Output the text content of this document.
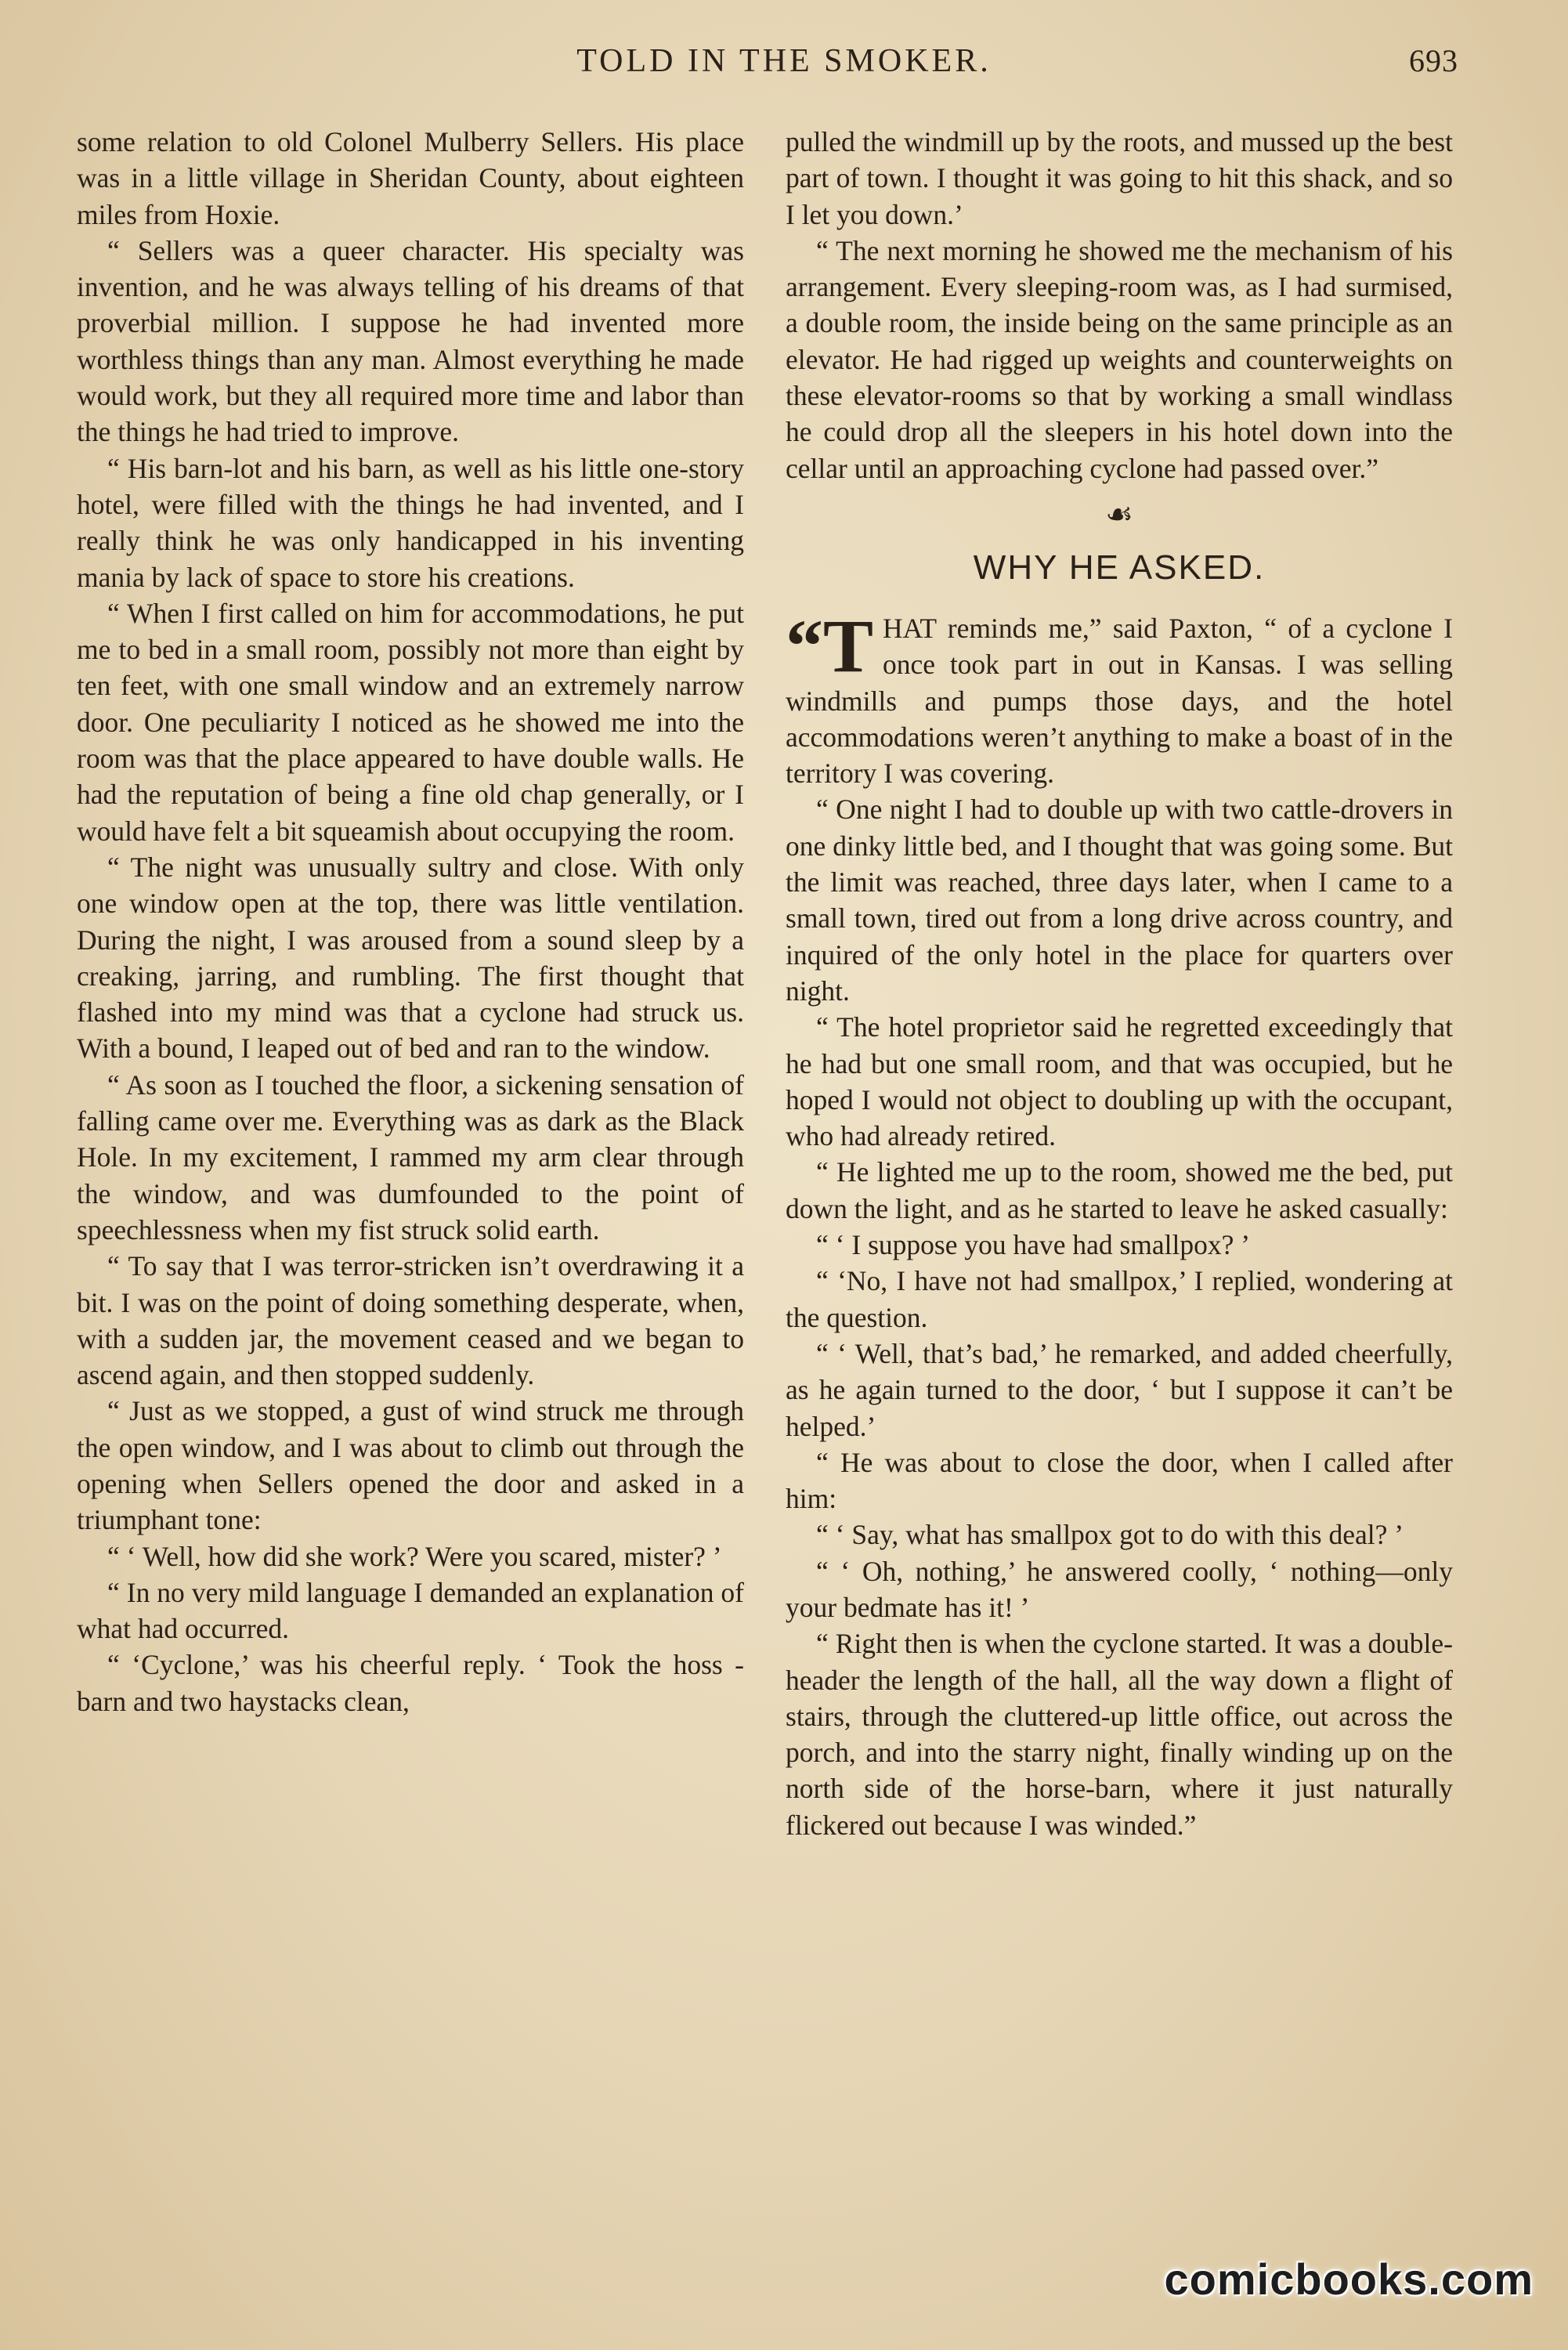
TOLD IN THE SMOKER.	693

some relation to old Colonel Mulberry Sellers. His place was in a little village in Sheridan County, about eighteen miles from Hoxie.

“ Sellers was a queer character. His specialty was invention, and he was always telling of his dreams of that proverbial million. I suppose he had invented more worthless things than any man. Almost everything he made would work, but they all required more time and labor than the things he had tried to improve.

“ His barn-lot and his barn, as well as his little one-story hotel, were filled with the things he had invented, and I really think he was only handicapped in his inventing mania by lack of space to store his creations.

“ When I first called on him for accommodations, he put me to bed in a small room, possibly not more than eight by ten feet, with one small window and an extremely narrow door. One peculiarity I noticed as he showed me into the room was that the place appeared to have double walls. He had the reputation of being a fine old chap generally, or I would have felt a bit squeamish about occupying the room.

“ The night was unusually sultry and close. With only one window open at the top, there was little ventilation. During the night, I was aroused from a sound sleep by a creaking, jarring, and rumbling. The first thought that flashed into my mind was that a cyclone had struck us. With a bound, I leaped out of bed and ran to the window.

“ As soon as I touched the floor, a sickening sensation of falling came over me. Everything was as dark as the Black Hole. In my excitement, I rammed my arm clear through the window, and was dumfounded to the point of speechlessness when my fist struck solid earth.

“ To say that I was terror-stricken isn’t overdrawing it a bit. I was on the point of doing something desperate, when, with a sudden jar, the movement ceased and we began to ascend again, and then stopped suddenly.

“ Just as we stopped, a gust of wind struck me through the open window, and I was about to climb out through the opening when Sellers opened the door and asked in a triumphant tone:

“ ‘ Well, how did she work? Were you scared, mister? ’

“ In no very mild language I demanded an explanation of what had occurred.

“ ‘Cyclone,’ was his cheerful reply. ‘ Took the hoss - barn and two haystacks clean,

pulled the windmill up by the roots, and mussed up the best part of town. I thought it was going to hit this shack, and so I let you down.’

“ The next morning he showed me the mechanism of his arrangement. Every sleeping-room was, as I had surmised, a double room, the inside being on the same principle as an elevator. He had rigged up weights and counterweights on these elevator-rooms so that by working a small windlass he could drop all the sleepers in his hotel down into the cellar until an approaching cyclone had passed over.”

☙
WHY HE ASKED.

“T HAT reminds me,” said Paxton, “ of a cyclone I once took part in out in Kansas. I was selling windmills and pumps those days, and the hotel accommodations weren’t anything to make a boast of in the territory I was covering.

“ One night I had to double up with two cattle-drovers in one dinky little bed, and I thought that was going some. But the limit was reached, three days later, when I came to a small town, tired out from a long drive across country, and inquired of the only hotel in the place for quarters over night.

“ The hotel proprietor said he regretted exceedingly that he had but one small room, and that was occupied, but he hoped I would not object to doubling up with the occupant, who had already retired.

“ He lighted me up to the room, showed me the bed, put down the light, and as he started to leave he asked casually:

“ ‘ I suppose you have had smallpox? ’

“ ‘No, I have not had smallpox,’ I replied, wondering at the question.

“ ‘ Well, that’s bad,’ he remarked, and added cheerfully, as he again turned to the door, ‘ but I suppose it can’t be helped.’

“ He was about to close the door, when I called after him:

“ ‘ Say, what has smallpox got to do with this deal? ’

“ ‘ Oh, nothing,’ he answered coolly, ‘ nothing—only your bedmate has it! ’

“ Right then is when the cyclone started. It was a double-header the length of the hall, all the way down a flight of stairs, through the cluttered-up little office, out across the porch, and into the starry night, finally winding up on the north side of the horse-barn, where it just naturally flickered out because I was winded.”

comicbooks.com
